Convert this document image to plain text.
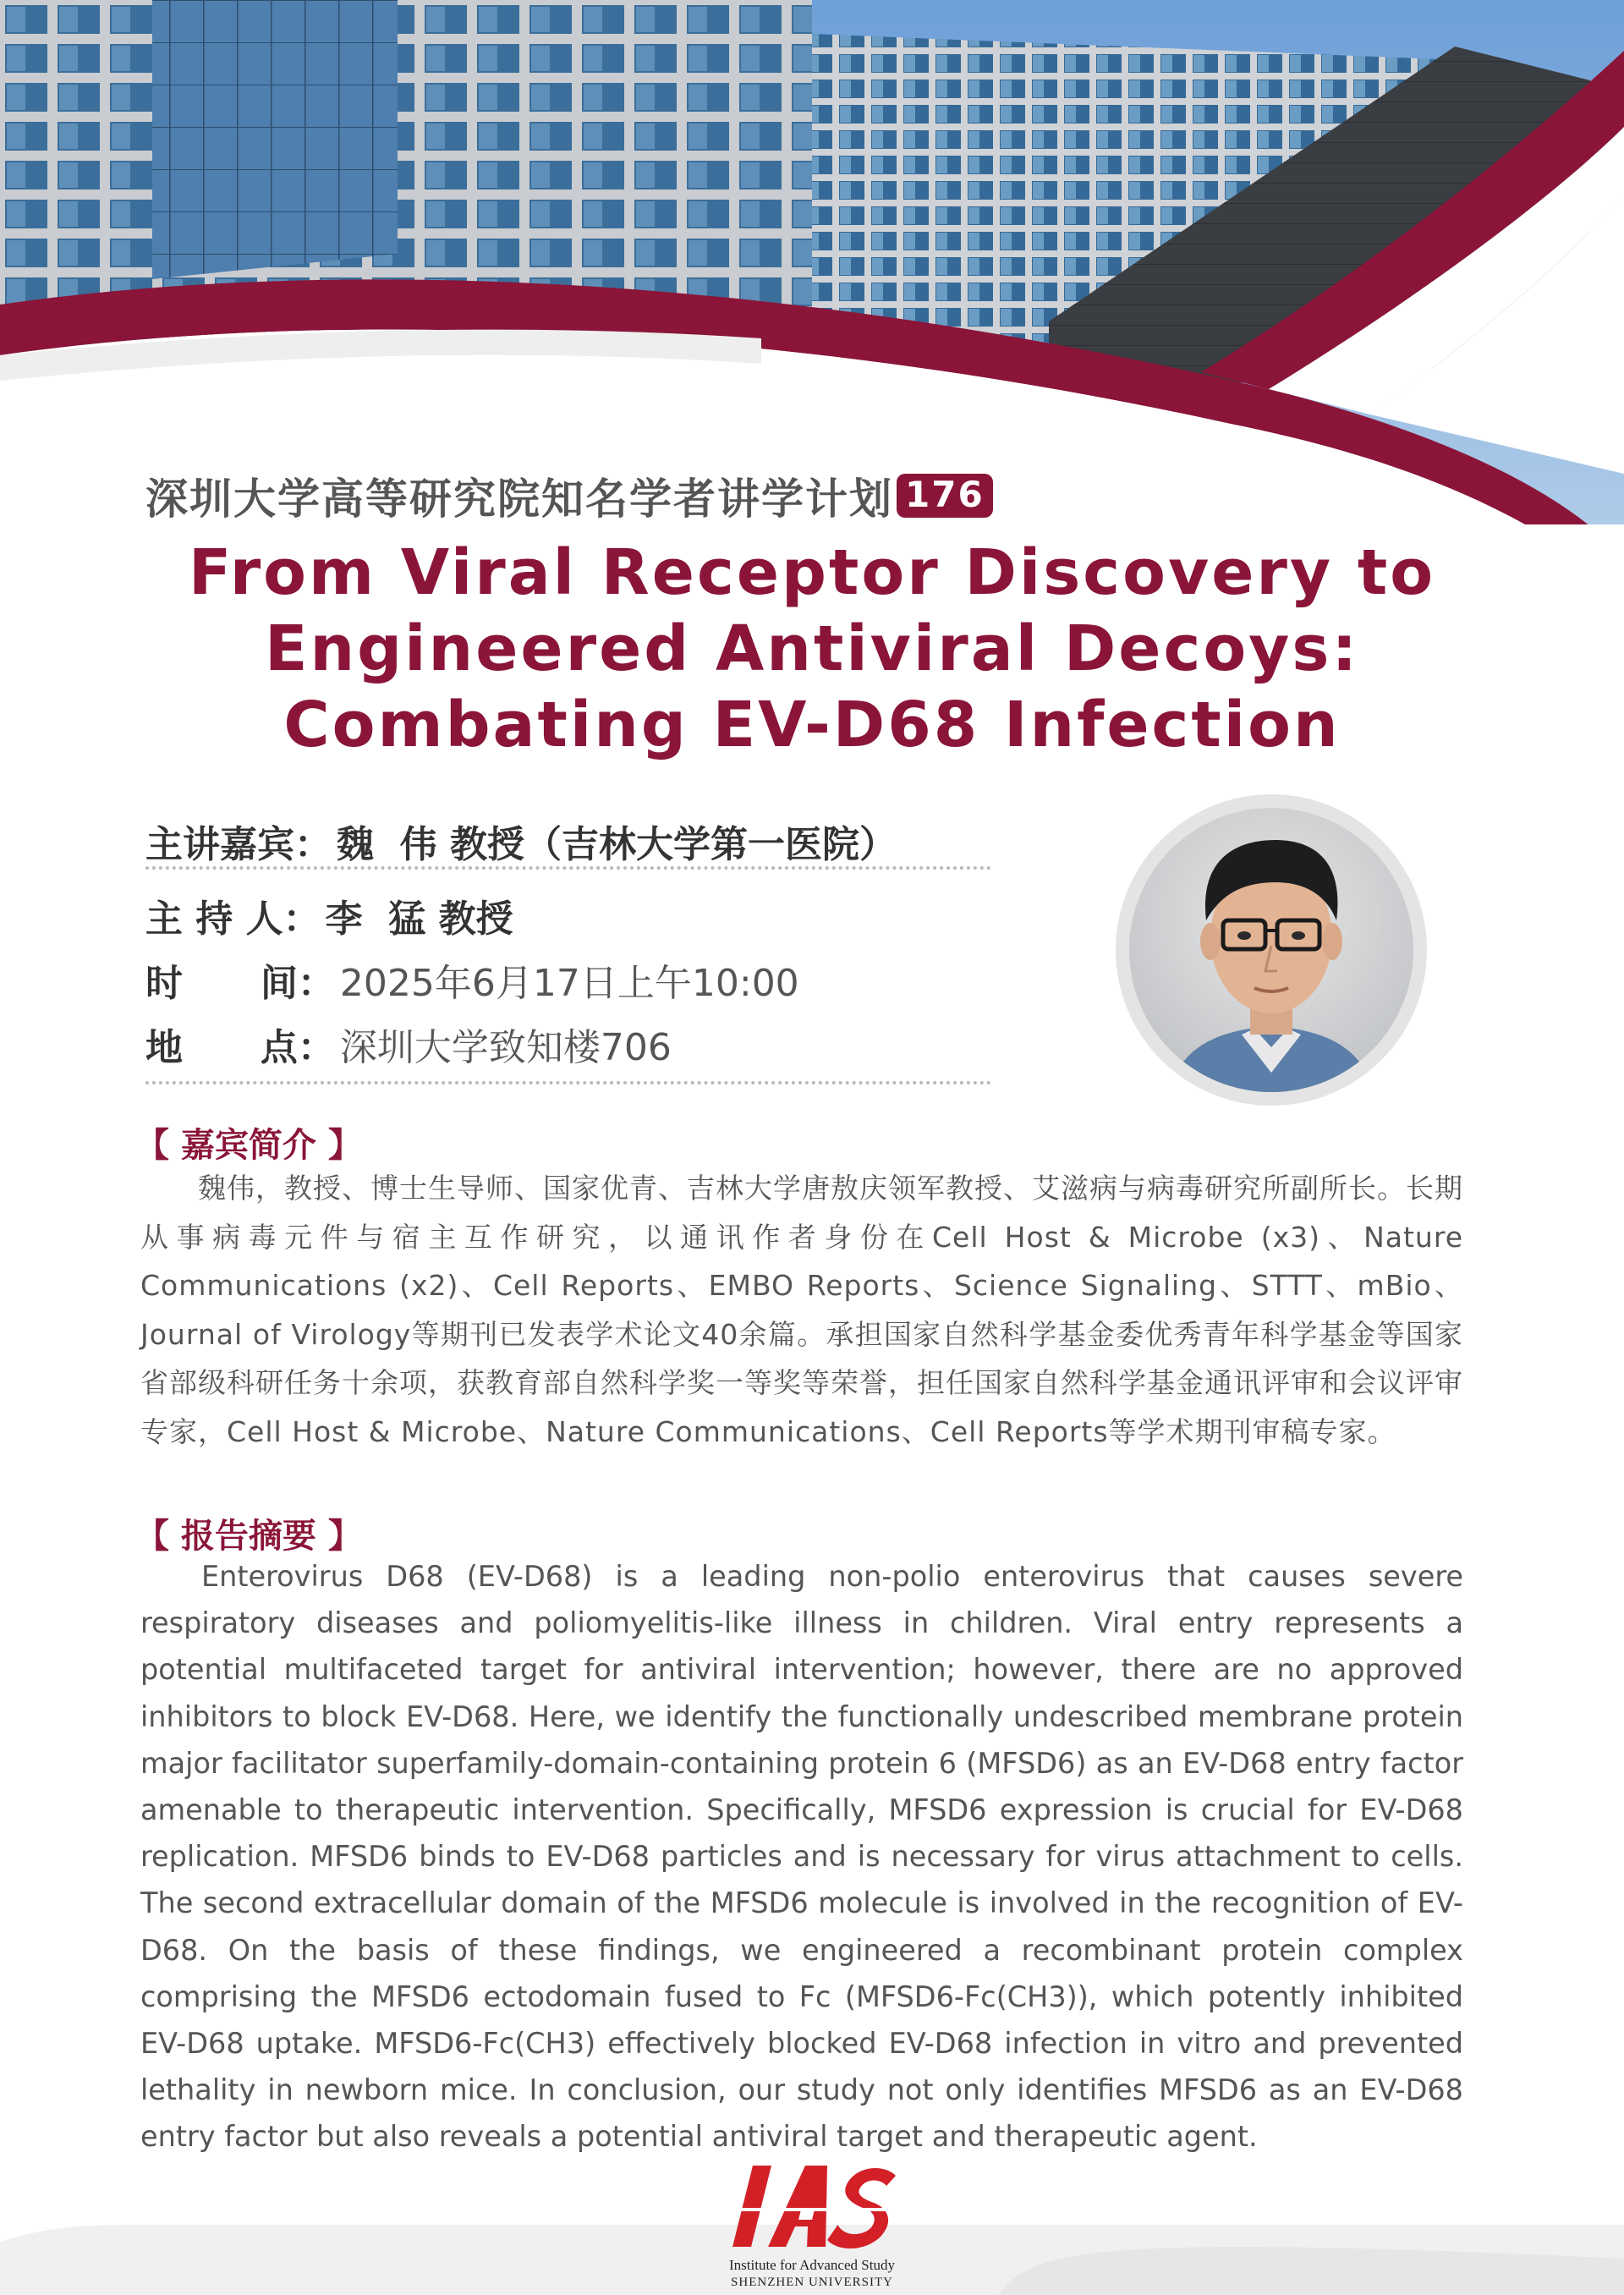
深圳大学高等研究院知名学者讲学计划 176
From Viral Receptor Discovery to
Engineered Antiviral Decoys:
Combating EV-D68 Infection
主讲嘉宾： 魏  伟 教授（吉林大学第一医院）
主 持 人： 李  猛 教授
时      间： 2025年6月17日上午10:00
地      点： 深圳大学致知楼706
【 嘉宾简介 】

魏伟，教授、博士生导师、国家优青、吉林大学唐敖庆领军教授、艾滋病与病毒研究所副所长。长期从事病毒元件与宿主互作研究，以通讯作者身份在Cell Host & Microbe (x3)、Nature Communications (x2)、Cell Reports、EMBO Reports、Science Signaling、STTT、mBio、Journal of Virology等期刊已发表学术论文40余篇。承担国家自然科学基金委优秀青年科学基金等国家省部级科研任务十余项，获教育部自然科学奖一等奖等荣誉，担任国家自然科学基金通讯评审和会议评审专家，Cell Host & Microbe、Nature Communications、Cell Reports等学术期刊审稿专家。

【 报告摘要 】

Enterovirus D68 (EV-D68) is a leading non-polio enterovirus that causes severe respiratory diseases and poliomyelitis-like illness in children. Viral entry represents a potential multifaceted target for antiviral intervention; however, there are no approved inhibitors to block EV-D68. Here, we identify the functionally undescribed membrane protein major facilitator superfamily-domain-containing protein 6 (MFSD6) as an EV-D68 entry factor amenable to therapeutic intervention. Specifically, MFSD6 expression is crucial for EV-D68 replication. MFSD6 binds to EV-D68 particles and is necessary for virus attachment to cells. The second extracellular domain of the MFSD6 molecule is involved in the recognition of EV-D68. On the basis of these findings, we engineered a recombinant protein complex comprising the MFSD6 ectodomain fused to Fc (MFSD6-Fc(CH3)), which potently inhibited EV-D68 uptake. MFSD6-Fc(CH3) effectively blocked EV-D68 infection in vitro and prevented lethality in newborn mice. In conclusion, our study not only identifies MFSD6 as an EV-D68 entry factor but also reveals a potential antiviral target and therapeutic agent.

Institute for Advanced Study

SHENZHEN UNIVERSITY
